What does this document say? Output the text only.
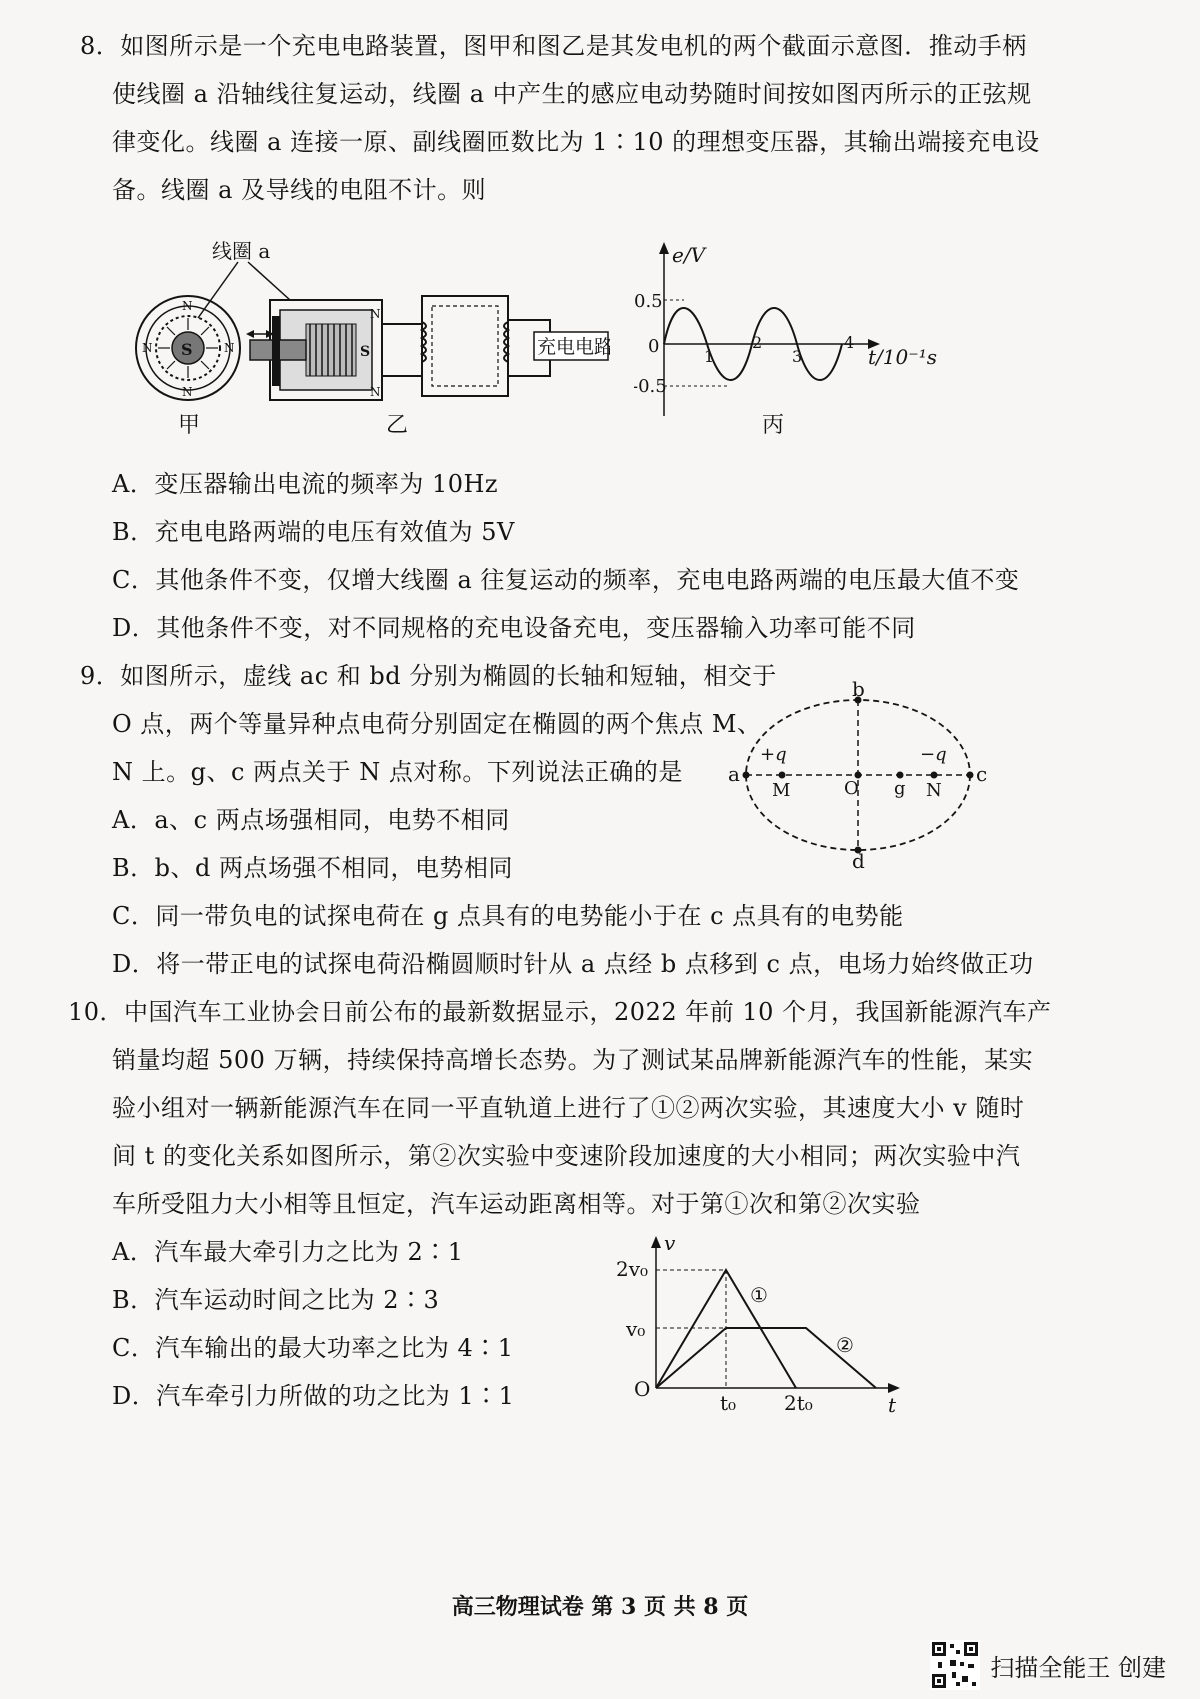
8．如图所示是一个充电电路装置，图甲和图乙是其发电机的两个截面示意图．推动手柄
使线圈 a 沿轴线往复运动，线圈 a 中产生的感应电动势随时间按如图丙所示的正弦规
律变化。线圈 a 连接一原、副线圈匝数比为 1∶10 的理想变压器，其输出端接充电设
备。线圈 a 及导线的电阻不计。则
线圈 a
S
N
N
N	N	S
N
N
充电电路
甲	乙
e/V
t/10⁻¹s
0.5
-0.5
0	1
2
3
4
丙
A．变压器输出电流的频率为 10Hz
B．充电电路两端的电压有效值为 5V
C．其他条件不变，仅增大线圈 a 往复运动的频率，充电电路两端的电压最大值不变
D．其他条件不变，对不同规格的充电设备充电，变压器输入功率可能不同
9．如图所示，虚线 ac 和 bd 分别为椭圆的长轴和短轴，相交于
O 点，两个等量异种点电荷分别固定在椭圆的两个焦点 M、
N 上。g、c 两点关于 N 点对称。下列说法正确的是
A．a、c 两点场强相同，电势不相同
B．b、d 两点场强不相同，电势相同
C．同一带负电的试探电荷在 g 点具有的电势能小于在 c 点具有的电势能
D．将一带正电的试探电荷沿椭圆顺时针从 a 点经 b 点移到 c 点，电场力始终做正功
b
d
a	c
O
M	N
g
+q	−q
10．中国汽车工业协会日前公布的最新数据显示，2022 年前 10 个月，我国新能源汽车产
销量均超 500 万辆，持续保持高增长态势。为了测试某品牌新能源汽车的性能，某实
验小组对一辆新能源汽车在同一平直轨道上进行了①②两次实验，其速度大小 v 随时
间 t 的变化关系如图所示，第②次实验中变速阶段加速度的大小相同；两次实验中汽
车所受阻力大小相等且恒定，汽车运动距离相等。对于第①次和第②次实验
A．汽车最大牵引力之比为 2∶1
B．汽车运动时间之比为 2∶3
C．汽车输出的最大功率之比为 4∶1
D．汽车牵引力所做的功之比为 1∶1
v
t
O
2v₀
v₀
t₀ 2t₀
①
②
高三物理试卷 第 3 页 共 8 页
扫描全能王 创建
